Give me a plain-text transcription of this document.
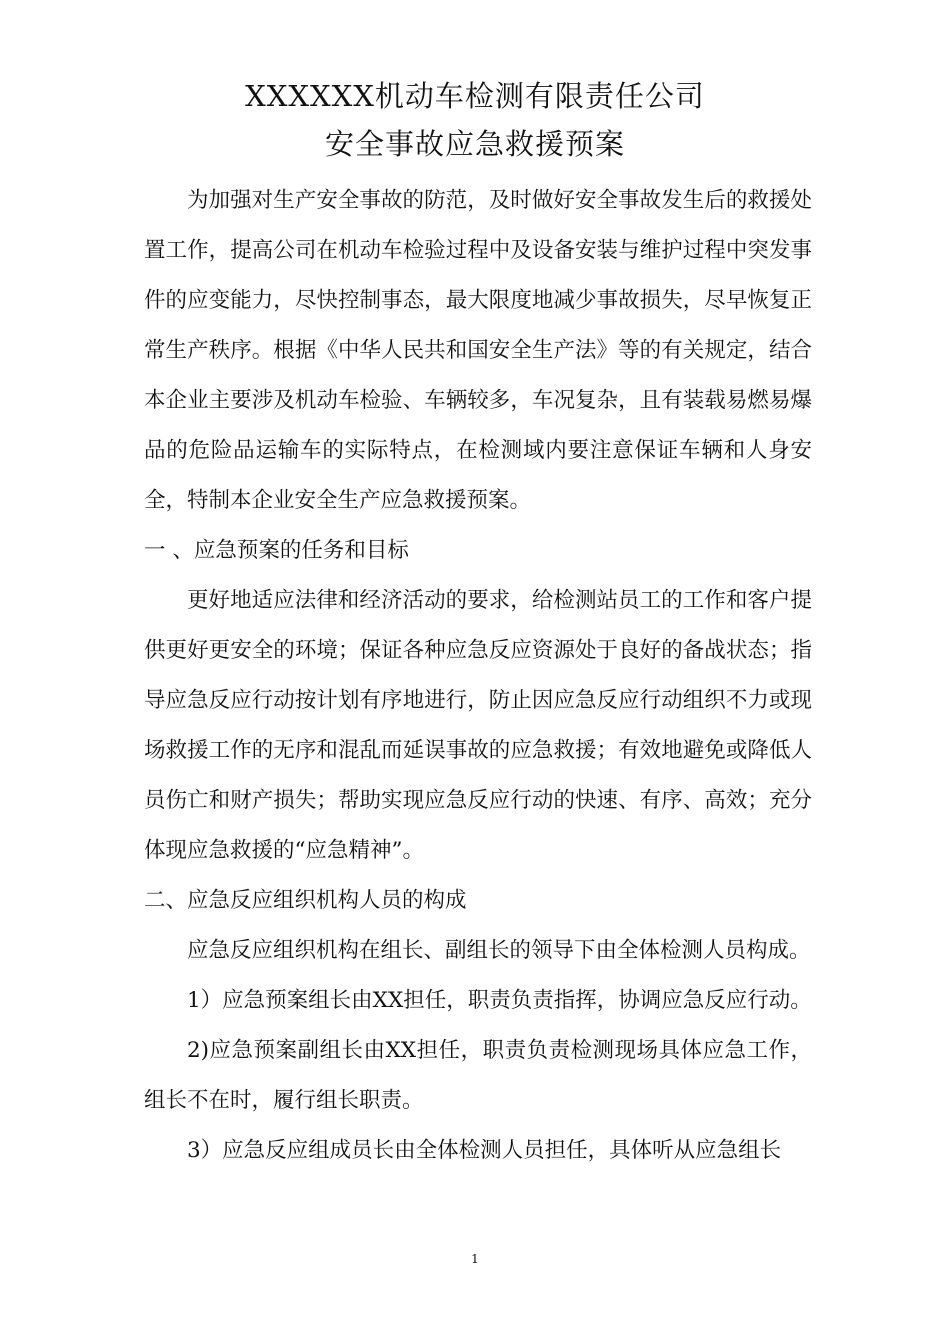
XXXXXX机动车检测有限责任公司
安全事故应急救援预案

为加强对生产安全事故的防范，及时做好安全事故发生后的救援处置工作，提高公司在机动车检验过程中及设备安装与维护过程中突发事件的应变能力，尽快控制事态，最大限度地减少事故损失，尽早恢复正常生产秩序。根据《中华人民共和国安全生产法》等的有关规定，结合本企业主要涉及机动车检验、车辆较多，车况复杂，且有装载易燃易爆品的危险品运输车的实际特点，在检测域内要注意保证车辆和人身安全，特制本企业安全生产应急救援预案。

一 、应急预案的任务和目标

更好地适应法律和经济活动的要求，给检测站员工的工作和客户提供更好更安全的环境；保证各种应急反应资源处于良好的备战状态；指导应急反应行动按计划有序地进行，防止因应急反应行动组织不力或现场救援工作的无序和混乱而延误事故的应急救援；有效地避免或降低人员伤亡和财产损失；帮助实现应急反应行动的快速、有序、高效；充分体现应急救援的“应急精神”。

二、应急反应组织机构人员的构成

应急反应组织机构在组长、副组长的领导下由全体检测人员构成。

1）应急预案组长由XX担任，职责负责指挥，协调应急反应行动。

2)应急预案副组长由XX担任，职责负责检测现场具体应急工作，组长不在时，履行组长职责。

3）应急反应组成员长由全体检测人员担任，具体听从应急组长

1
